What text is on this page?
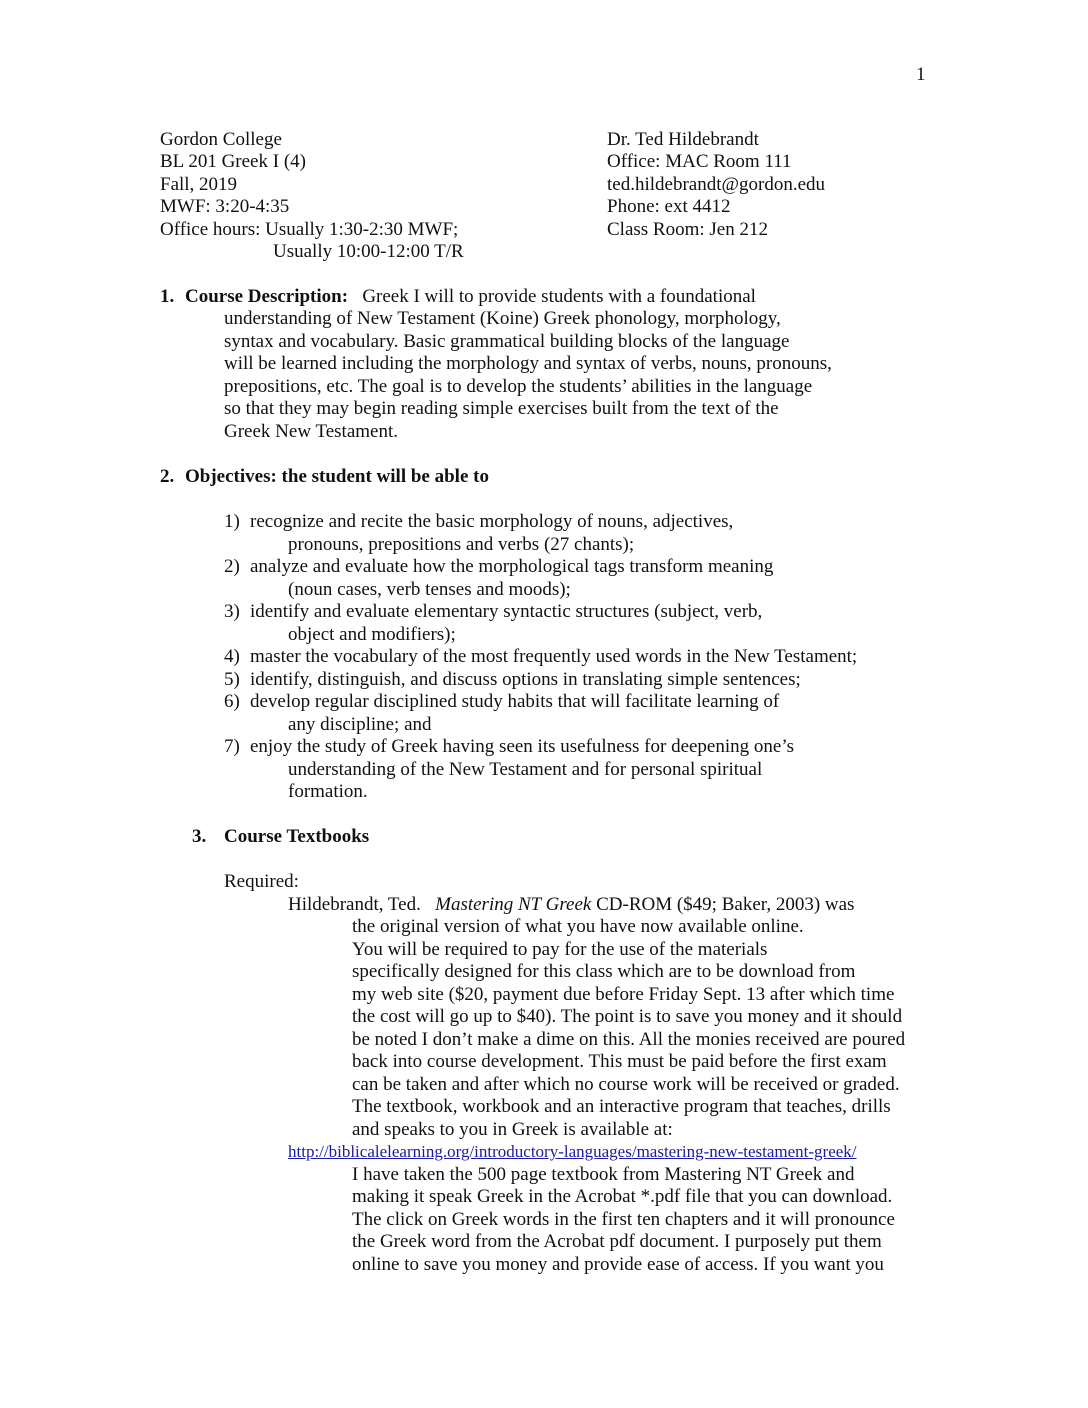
1
Gordon College
BL 201 Greek I (4)
Fall, 2019
MWF: 3:20-4:35
Office hours: Usually 1:30-2:30 MWF;
Usually 10:00-12:00 T/R
Dr. Ted Hildebrandt
Office: MAC Room 111
ted.hildebrandt@gordon.edu
Phone: ext 4412
Class Room: Jen 212
1. Course Description: Greek I will to provide students with a foundational
understanding of New Testament (Koine) Greek phonology, morphology,
syntax and vocabulary. Basic grammatical building blocks of the language
will be learned including the morphology and syntax of verbs, nouns, pronouns,
prepositions, etc. The goal is to develop the students’ abilities in the language
so that they may begin reading simple exercises built from the text of the
Greek New Testament.
2. Objectives: the student will be able to
1) recognize and recite the basic morphology of nouns, adjectives,
pronouns, prepositions and verbs (27 chants);
2) analyze and evaluate how the morphological tags transform meaning
(noun cases, verb tenses and moods);
3) identify and evaluate elementary syntactic structures (subject, verb,
object and modifiers);
4) master the vocabulary of the most frequently used words in the New Testament;
5) identify, distinguish, and discuss options in translating simple sentences;
6) develop regular disciplined study habits that will facilitate learning of
any discipline; and
7) enjoy the study of Greek having seen its usefulness for deepening one’s
understanding of the New Testament and for personal spiritual
formation.
3. Course Textbooks
Required:
Hildebrandt, Ted. Mastering NT Greek CD-ROM ($49; Baker, 2003) was
the original version of what you have now available online.
You will be required to pay for the use of the materials
specifically designed for this class which are to be download from
my web site ($20, payment due before Friday Sept. 13 after which time
the cost will go up to $40). The point is to save you money and it should
be noted I don’t make a dime on this. All the monies received are poured
back into course development. This must be paid before the first exam
can be taken and after which no course work will be received or graded.
The textbook, workbook and an interactive program that teaches, drills
and speaks to you in Greek is available at:
http://biblicalelearning.org/introductory-languages/mastering-new-testament-greek/
I have taken the 500 page textbook from Mastering NT Greek and
making it speak Greek in the Acrobat *.pdf file that you can download.
The click on Greek words in the first ten chapters and it will pronounce
the Greek word from the Acrobat pdf document. I purposely put them
online to save you money and provide ease of access. If you want you
